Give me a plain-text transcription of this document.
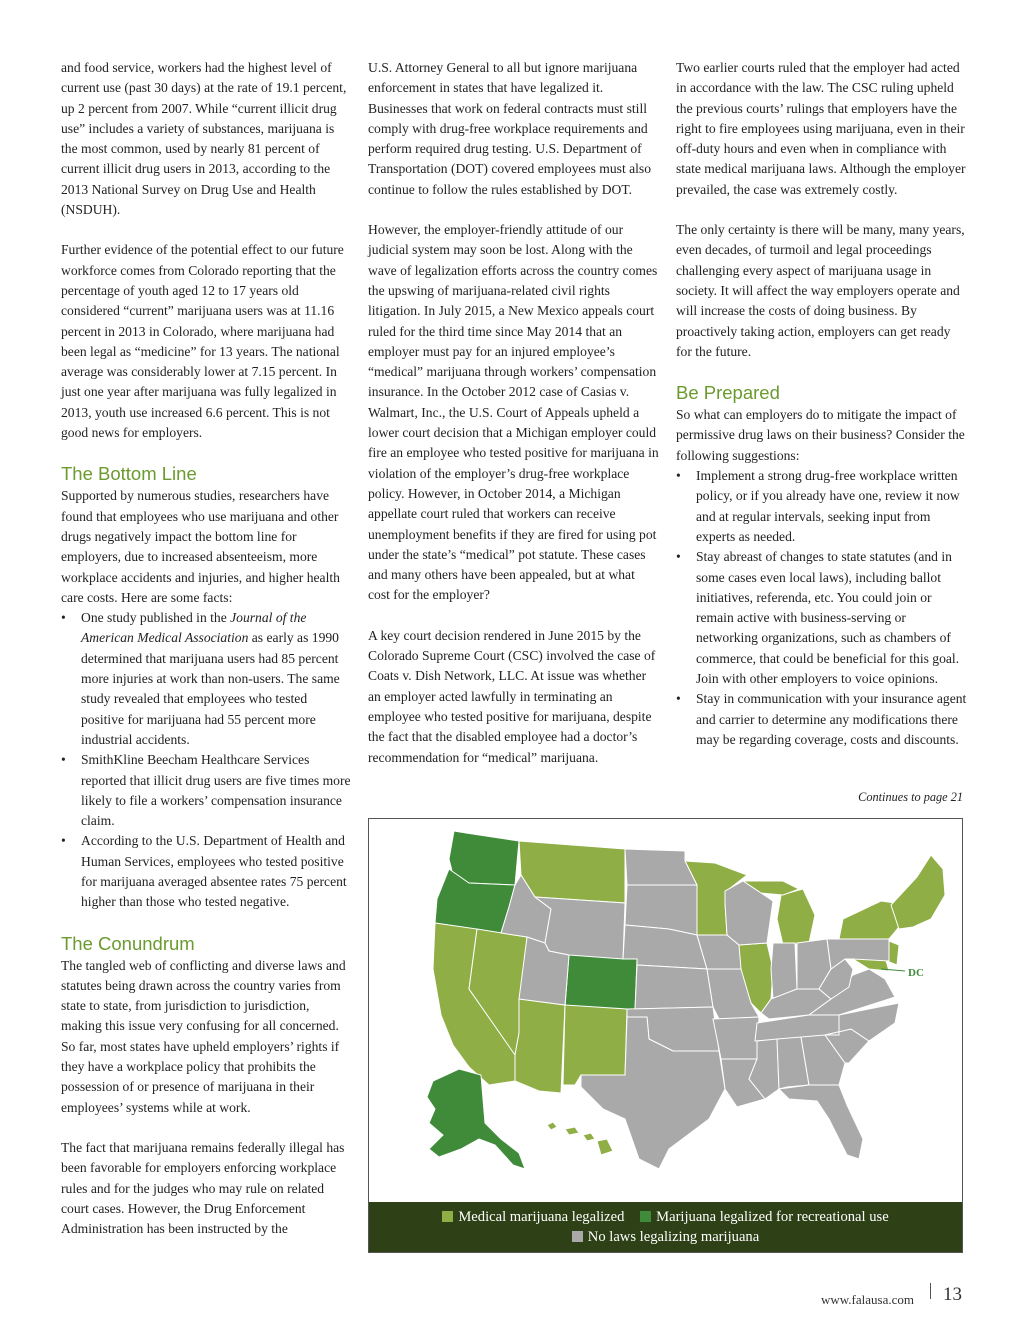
and food service, workers had the highest level of current use (past 30 days) at the rate of 19.1 percent, up 2 percent from 2007. While “current illicit drug use” includes a variety of substances, marijuana is the most common, used by nearly 81 percent of current illicit drug users in 2013, according to the 2013 National Survey on Drug Use and Health (NSDUH).

Further evidence of the potential effect to our future workforce comes from Colorado reporting that the percentage of youth aged 12 to 17 years old considered “current” marijuana users was at 11.16 percent in 2013 in Colorado, where marijuana had been legal as “medicine” for 13 years. The national average was considerably lower at 7.15 percent. In just one year after marijuana was fully legalized in 2013, youth use increased 6.6 percent. This is not good news for employers.

The Bottom Line

Supported by numerous studies, researchers have found that employees who use marijuana and other drugs negatively impact the bottom line for employers, due to increased absenteeism, more workplace accidents and injuries, and higher health care costs. Here are some facts:

• One study published in the Journal of the American Medical Association as early as 1990 determined that marijuana users had 85 percent more injuries at work than non-users. The same study revealed that employees who tested positive for marijuana had 55 percent more industrial accidents.
• SmithKline Beecham Healthcare Services reported that illicit drug users are five times more likely to file a workers’ compensation insurance claim.
• According to the U.S. Department of Health and Human Services, employees who tested positive for marijuana averaged absentee rates 75 percent higher than those who tested negative.
The Conundrum

The tangled web of conflicting and diverse laws and statutes being drawn across the country varies from state to state, from jurisdiction to jurisdiction, making this issue very confusing for all concerned. So far, most states have upheld employers’ rights if they have a workplace policy that prohibits the possession of or presence of marijuana in their employees’ systems while at work.

The fact that marijuana remains federally illegal has been favorable for employers enforcing workplace rules and for the judges who may rule on related court cases. However, the Drug Enforcement Administration has been instructed by the

U.S. Attorney General to all but ignore marijuana enforcement in states that have legalized it. Businesses that work on federal contracts must still comply with drug-free workplace requirements and perform required drug testing. U.S. Department of Transportation (DOT) covered employees must also continue to follow the rules established by DOT.

However, the employer-friendly attitude of our judicial system may soon be lost. Along with the wave of legalization efforts across the country comes the upswing of marijuana-related civil rights litigation. In July 2015, a New Mexico appeals court ruled for the third time since May 2014 that an employer must pay for an injured employee’s “medical” marijuana through workers’ compensation insurance. In the October 2012 case of Casias v. Walmart, Inc., the U.S. Court of Appeals upheld a lower court decision that a Michigan employer could fire an employee who tested positive for marijuana in violation of the employer’s drug-free workplace policy. However, in October 2014, a Michigan appellate court ruled that workers can receive unemployment benefits if they are fired for using pot under the state’s “medical” pot statute. These cases and many others have been appealed, but at what cost for the employer?

A key court decision rendered in June 2015 by the Colorado Supreme Court (CSC) involved the case of Coats v. Dish Network, LLC. At issue was whether an employer acted lawfully in terminating an employee who tested positive for marijuana, despite the fact that the disabled employee had a doctor’s recommendation for “medical” marijuana.

Two earlier courts ruled that the employer had acted in accordance with the law. The CSC ruling upheld the previous courts’ rulings that employers have the right to fire employees using marijuana, even in their off-duty hours and even when in compliance with state medical marijuana laws. Although the employer prevailed, the case was extremely costly.

The only certainty is there will be many, many years, even decades, of turmoil and legal proceedings challenging every aspect of marijuana usage in society. It will affect the way employers operate and will increase the costs of doing business. By proactively taking action, employers can get ready for the future.

Be Prepared

So what can employers do to mitigate the impact of permissive drug laws on their business? Consider the following suggestions:

• Implement a strong drug-free workplace written policy, or if you already have one, review it now and at regular intervals, seeking input from experts as needed.
• Stay abreast of changes to state statutes (and in some cases even local laws), including ballot initiatives, referenda, etc. You could join or remain active with business-serving or networking organizations, such as chambers of commerce, that could be beneficial for this goal. Join with other employers to voice opinions.
• Stay in communication with your insurance agent and carrier to determine any modifications there may be regarding coverage, costs and discounts.
Continues to page 21
DC
Medical marijuana legalized Marijuana legalized for recreational use
No laws legalizing marijuana
www.falausa.com 13
